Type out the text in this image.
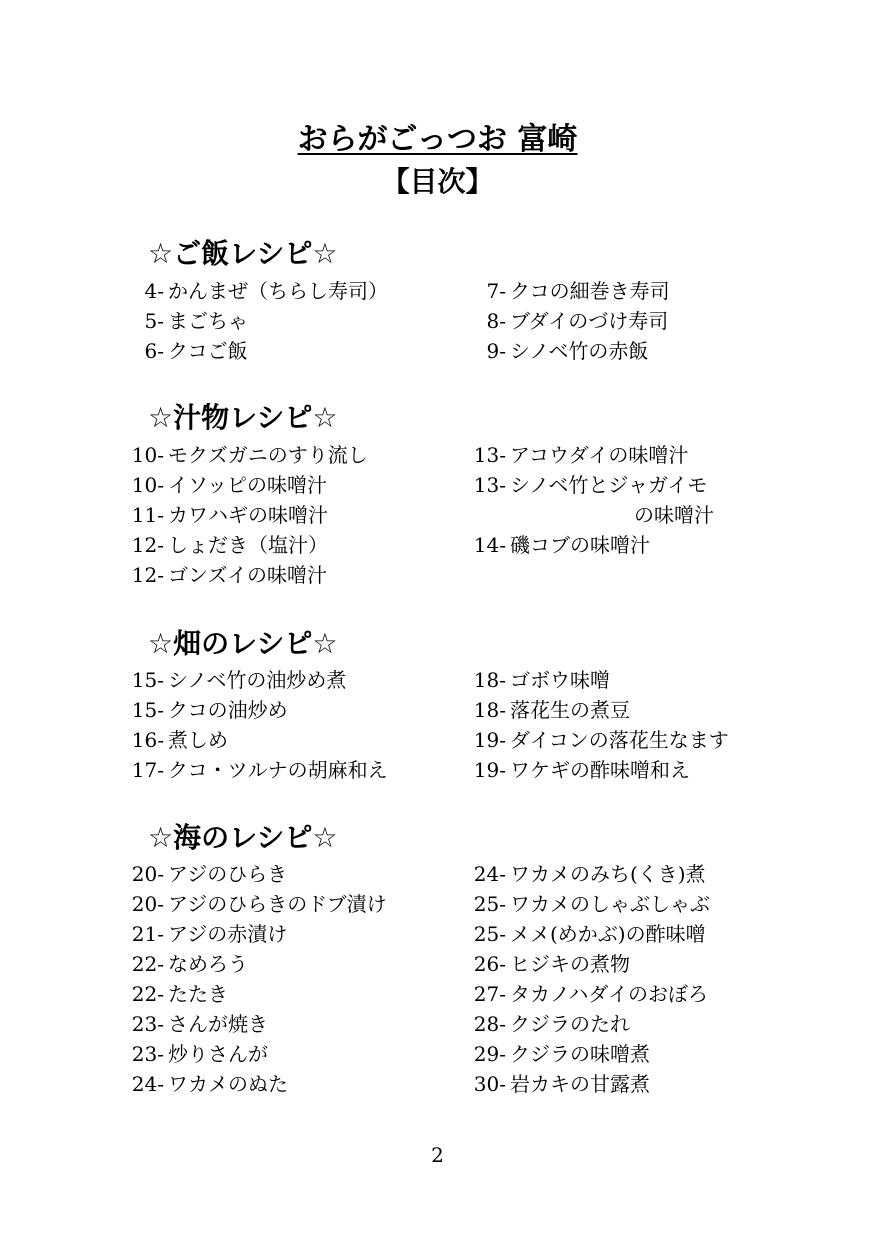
おらがごっつお 富崎
【目次】
☆ご飯レシピ☆
4- かんまぜ（ちらし寿司）
5- まごちゃ
6- クコご飯
7- クコの細巻き寿司
8- ブダイのづけ寿司
9- シノベ竹の赤飯
☆汁物レシピ☆
10- モクズガニのすり流し
10- イソッピの味噌汁
11- カワハギの味噌汁
12- しょだき（塩汁）
12- ゴンズイの味噌汁
13- アコウダイの味噌汁
13- シノベ竹とジャガイモ
の味噌汁
14- 磯コブの味噌汁
☆畑のレシピ☆
15- シノベ竹の油炒め煮
15- クコの油炒め
16- 煮しめ
17- クコ・ツルナの胡麻和え
18- ゴボウ味噌
18- 落花生の煮豆
19- ダイコンの落花生なます
19- ワケギの酢味噌和え
☆海のレシピ☆
20- アジのひらき
20- アジのひらきのドブ漬け
21- アジの赤漬け
22- なめろう
22- たたき
23- さんが焼き
23- 炒りさんが
24- ワカメのぬた
24- ワカメのみち(くき)煮
25- ワカメのしゃぶしゃぶ
25- メメ(めかぶ)の酢味噌
26- ヒジキの煮物
27- タカノハダイのおぼろ
28- クジラのたれ
29- クジラの味噌煮
30- 岩カキの甘露煮
2
